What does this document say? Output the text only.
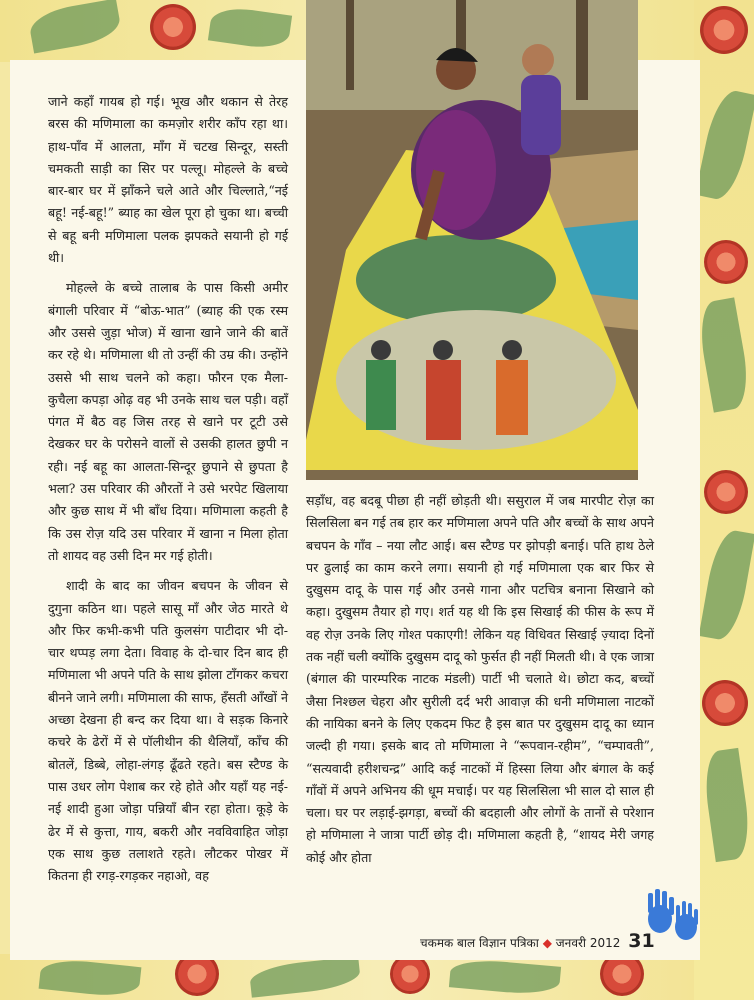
जाने कहाँ गायब हो गई। भूख और थकान से तेरह बरस की मणिमाला का कमज़ोर शरीर काँप रहा था। हाथ-पाँव में आलता, माँग में चटख सिन्दूर, सस्ती चमकती साड़ी का सिर पर पल्लू। मोहल्ले के बच्चे बार-बार घर में झाँकने चले आते और चिल्लाते,“नई बहू! नई-बहू!” ब्याह का खेल पूरा हो चुका था। बच्ची से बहू बनी मणिमाला पलक झपकते सयानी हो गई थी।

मोहल्ले के बच्चे तालाब के पास किसी अमीर बंगाली परिवार में “बोऊ-भात” (ब्याह की एक रस्म और उससे जुड़ा भोज) में खाना खाने जाने की बातें कर रहे थे। मणिमाला थी तो उन्हीं की उम्र की। उन्होंने उससे भी साथ चलने को कहा। फौरन एक मैला-कुचैला कपड़ा ओढ़ वह भी उनके साथ चल पड़ी। वहाँ पंगत में बैठ वह जिस तरह से खाने पर टूटी उसे देखकर घर के परोसने वालों से उसकी हालत छुपी न रही। नई बहू का आलता-सिन्दूर छुपाने से छुपता है भला? उस परिवार की औरतों ने उसे भरपेट खिलाया और कुछ साथ में भी बाँध दिया। मणिमाला कहती है कि उस रोज़ यदि उस परिवार में खाना न मिला होता तो शायद वह उसी दिन मर गई होती।

शादी के बाद का जीवन बचपन के जीवन से दुगुना कठिन था। पहले सासू माँ और जेठ मारते थे और फिर कभी-कभी पति कुलसंग पाटीदार भी दो-चार थप्पड़ लगा देता। विवाह के दो-चार दिन बाद ही मणिमाला भी अपने पति के साथ झोला टाँगकर कचरा बीनने जाने लगी। मणिमाला की साफ, हँसती आँखों ने अच्छा देखना ही बन्द कर दिया था। वे सड़क किनारे कचरे के ढेरों में से पॉलीथीन की थैलियाँ, काँच की बोतलें, डिब्बे, लोहा-लंगड़ ढूँढते रहते। बस स्टैण्ड के पास उधर लोग पेशाब कर रहे होते और यहाँ यह नई-नई शादी हुआ जोड़ा पन्नियाँ बीन रहा होता। कूड़े के ढेर में से कुत्ता, गाय, बकरी और नवविवाहित जोड़ा एक साथ कुछ तलाशते रहते। लौटकर पोखर में कितना ही रगड़-रगड़कर नहाओ, वह

सड़ाँध, वह बदबू पीछा ही नहीं छोड़ती थी। ससुराल में जब मारपीट रोज़ का सिलसिला बन गई तब हार कर मणिमाला अपने पति और बच्चों के साथ अपने बचपन के गाँव – नया लौट आई। बस स्टैण्ड पर झोपड़ी बनाई। पति हाथ ठेले पर ढुलाई का काम करने लगा। सयानी हो गई मणिमाला एक बार फिर से दुखुसम दादू के पास गई और उनसे गाना और पटचित्र बनाना सिखाने को कहा। दुखुसम तैयार हो गए। शर्त यह थी कि इस सिखाई की फीस के रूप में वह रोज़ उनके लिए गोश्त पकाएगी! लेकिन यह विधिवत सिखाई ज़्यादा दिनों तक नहीं चली क्योंकि दुखुसम दादू को फुर्सत ही नहीं मिलती थी। वे एक जात्रा (बंगाल की पारम्परिक नाटक मंडली) पार्टी भी चलाते थे। छोटा कद, बच्चों जैसा निश्छल चेहरा और सुरीली दर्द भरी आवाज़ की धनी मणिमाला नाटकों की नायिका बनने के लिए एकदम फिट है इस बात पर दुखुसम दादू का ध्यान जल्दी ही गया। इसके बाद तो मणिमाला ने “रूपवान-रहीम”, “चम्पावती”, “सत्यवादी हरीशचन्द्र” आदि कई नाटकों में हिस्सा लिया और बंगाल के कई गाँवों में अपने अभिनय की धूम मचाई। पर यह सिलसिला भी साल दो साल ही चला। घर पर लड़ाई-झगड़ा, बच्चों की बदहाली और लोगों के तानों से परेशान हो मणिमाला ने जात्रा पार्टी छोड़ दी। मणिमाला कहती है, “शायद मेरी जगह कोई और होता

चकमक बाल विज्ञान पत्रिका ◆ जनवरी 2012 31
